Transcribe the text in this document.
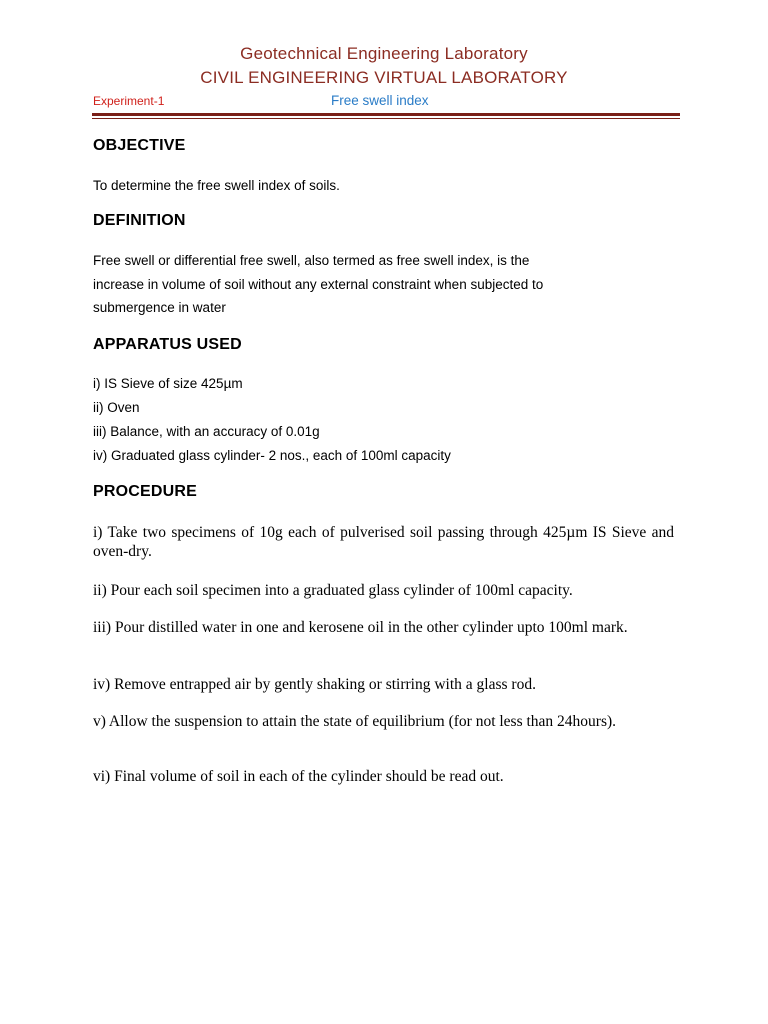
Geotechnical Engineering Laboratory
CIVIL ENGINEERING VIRTUAL LABORATORY
Experiment-1	Free swell index
OBJECTIVE
To determine the free swell index of soils.
DEFINITION
Free swell or differential free swell, also termed as free swell index, is the
increase in volume of soil without any external constraint when subjected to
submergence in water
APPARATUS USED
i) IS Sieve of size 425µm
ii) Oven
iii) Balance, with an accuracy of 0.01g
iv) Graduated glass cylinder- 2 nos., each of 100ml capacity
PROCEDURE
i) Take two specimens of 10g each of pulverised soil passing through 425µm IS Sieve and oven-dry.
ii) Pour each soil specimen into a graduated glass cylinder of 100ml capacity.
iii) Pour distilled water in one and kerosene oil in the other cylinder upto 100ml mark.
iv) Remove entrapped air by gently shaking or stirring with a glass rod.
v) Allow the suspension to attain the state of equilibrium (for not less than 24hours).
vi) Final volume of soil in each of the cylinder should be read out.
